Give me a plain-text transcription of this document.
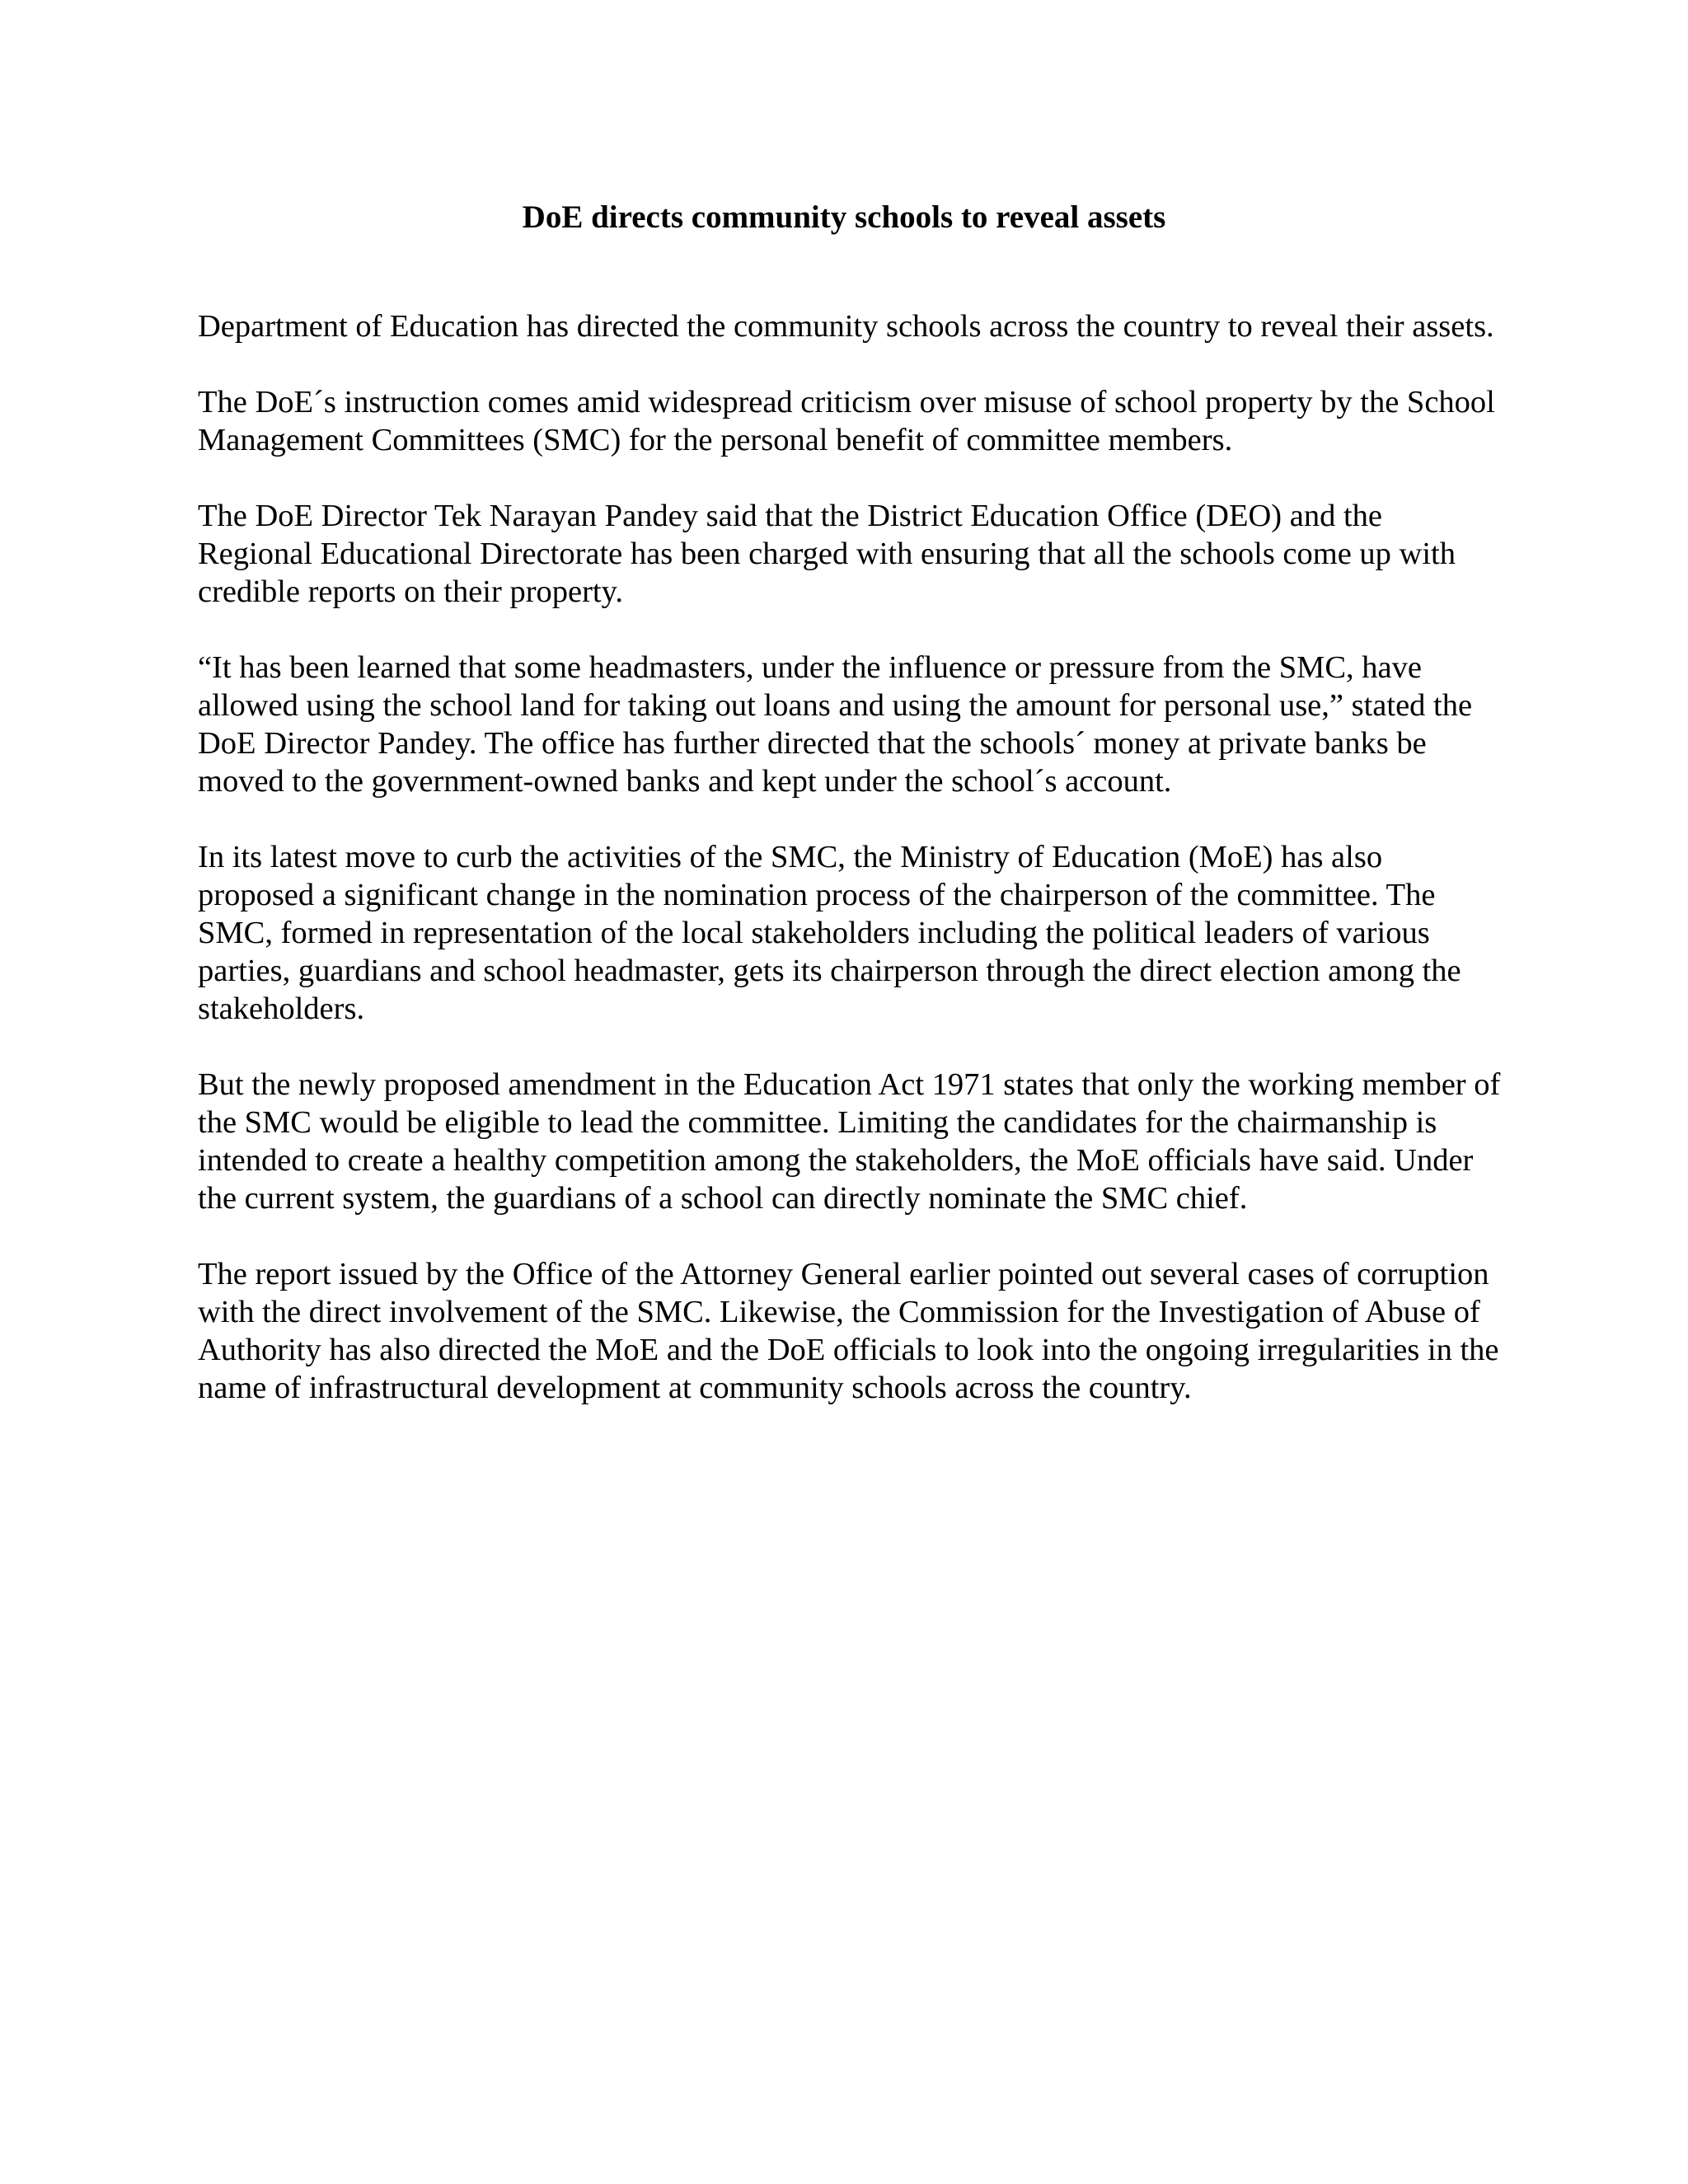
DoE directs community schools to reveal assets

Department of Education has directed the community schools across the country to reveal their assets.

The DoE´s instruction comes amid widespread criticism over misuse of school property by the School Management Committees (SMC) for the personal benefit of committee members.

The DoE Director Tek Narayan Pandey said that the District Education Office (DEO) and the Regional Educational Directorate has been charged with ensuring that all the schools come up with credible reports on their property.

“It has been learned that some headmasters, under the influence or pressure from the SMC, have allowed using the school land for taking out loans and using the amount for personal use,” stated the DoE Director Pandey. The office has further directed that the schools´ money at private banks be moved to the government-owned banks and kept under the school´s account.

In its latest move to curb the activities of the SMC, the Ministry of Education (MoE) has also proposed a significant change in the nomination process of the chairperson of the committee. The SMC, formed in representation of the local stakeholders including the political leaders of various parties, guardians and school headmaster, gets its chairperson through the direct election among the stakeholders.

But the newly proposed amendment in the Education Act 1971 states that only the working member of the SMC would be eligible to lead the committee. Limiting the candidates for the chairmanship is intended to create a healthy competition among the stakeholders, the MoE officials have said. Under the current system, the guardians of a school can directly nominate the SMC chief.

The report issued by the Office of the Attorney General earlier pointed out several cases of corruption with the direct involvement of the SMC. Likewise, the Commission for the Investigation of Abuse of Authority has also directed the MoE and the DoE officials to look into the ongoing irregularities in the name of infrastructural development at community schools across the country.
